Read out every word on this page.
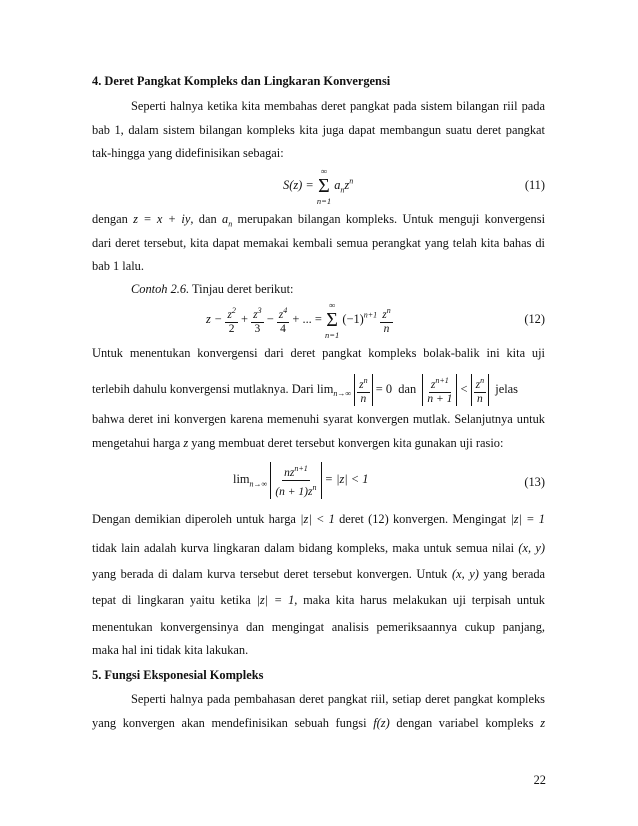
4. Deret Pangkat Kompleks dan Lingkaran Konvergensi
Seperti halnya ketika kita membahas deret pangkat pada sistem bilangan riil pada
bab 1, dalam sistem bilangan kompleks kita juga dapat membangun suatu deret pangkat
tak-hingga yang didefinisikan sebagai:
S(z) =
∞
Σ
n=1
$a_nz^n$	(11)
dengan z = x + iy, dan $a_n$ merupakan bilangan kompleks. Untuk menguji konvergensi
dari deret tersebut, kita dapat memakai kembali semua perangkat yang telah kita bahas di
bab 1 lalu.
Contoh 2.6. Tinjau deret berikut:
$z - \frac{z^2}{2} + \frac{z^3}{3} - \frac{z^4}{4}$ + ... =
∞
Σ
n=1
$(-1)^{n+1} \frac{z^n}{n}$	(12)
Untuk menentukan konvergensi dari deret pangkat kompleks bolak-balik ini kita uji
terlebih dahulu konvergensi mutlaknya. Dari $\lim_{n\to\infty} \frac{z^n}{n} = 0$ dan $\frac{z^{n+1}}{n + 1} < \frac{z^n}{n}$ jelas
bahwa deret ini konvergen karena memenuhi syarat konvergen mutlak. Selanjutnya untuk
mengetahui harga z yang membuat deret tersebut konvergen kita gunakan uji rasio:
$\lim_{n\to\infty} \frac{nz^{n+1}}{(n + 1)z^n} = |z| < 1$	(13)
Dengan demikian diperoleh untuk harga |z| < 1 deret (12) konvergen. Mengingat |z| = 1
tidak lain adalah kurva lingkaran dalam bidang kompleks, maka untuk semua nilai (x, y)
yang berada di dalam kurva tersebut deret tersebut konvergen. Untuk (x, y) yang berada
tepat di lingkaran yaitu ketika |z| = 1, maka kita harus melakukan uji terpisah untuk
menentukan konvergensinya dan mengingat analisis pemeriksaannya cukup panjang,
maka hal ini tidak kita lakukan.
5. Fungsi Eksponesial Kompleks
Seperti halnya pada pembahasan deret pangkat riil, setiap deret pangkat kompleks
yang konvergen akan mendefinisikan sebuah fungsi f(z) dengan variabel kompleks z
22
